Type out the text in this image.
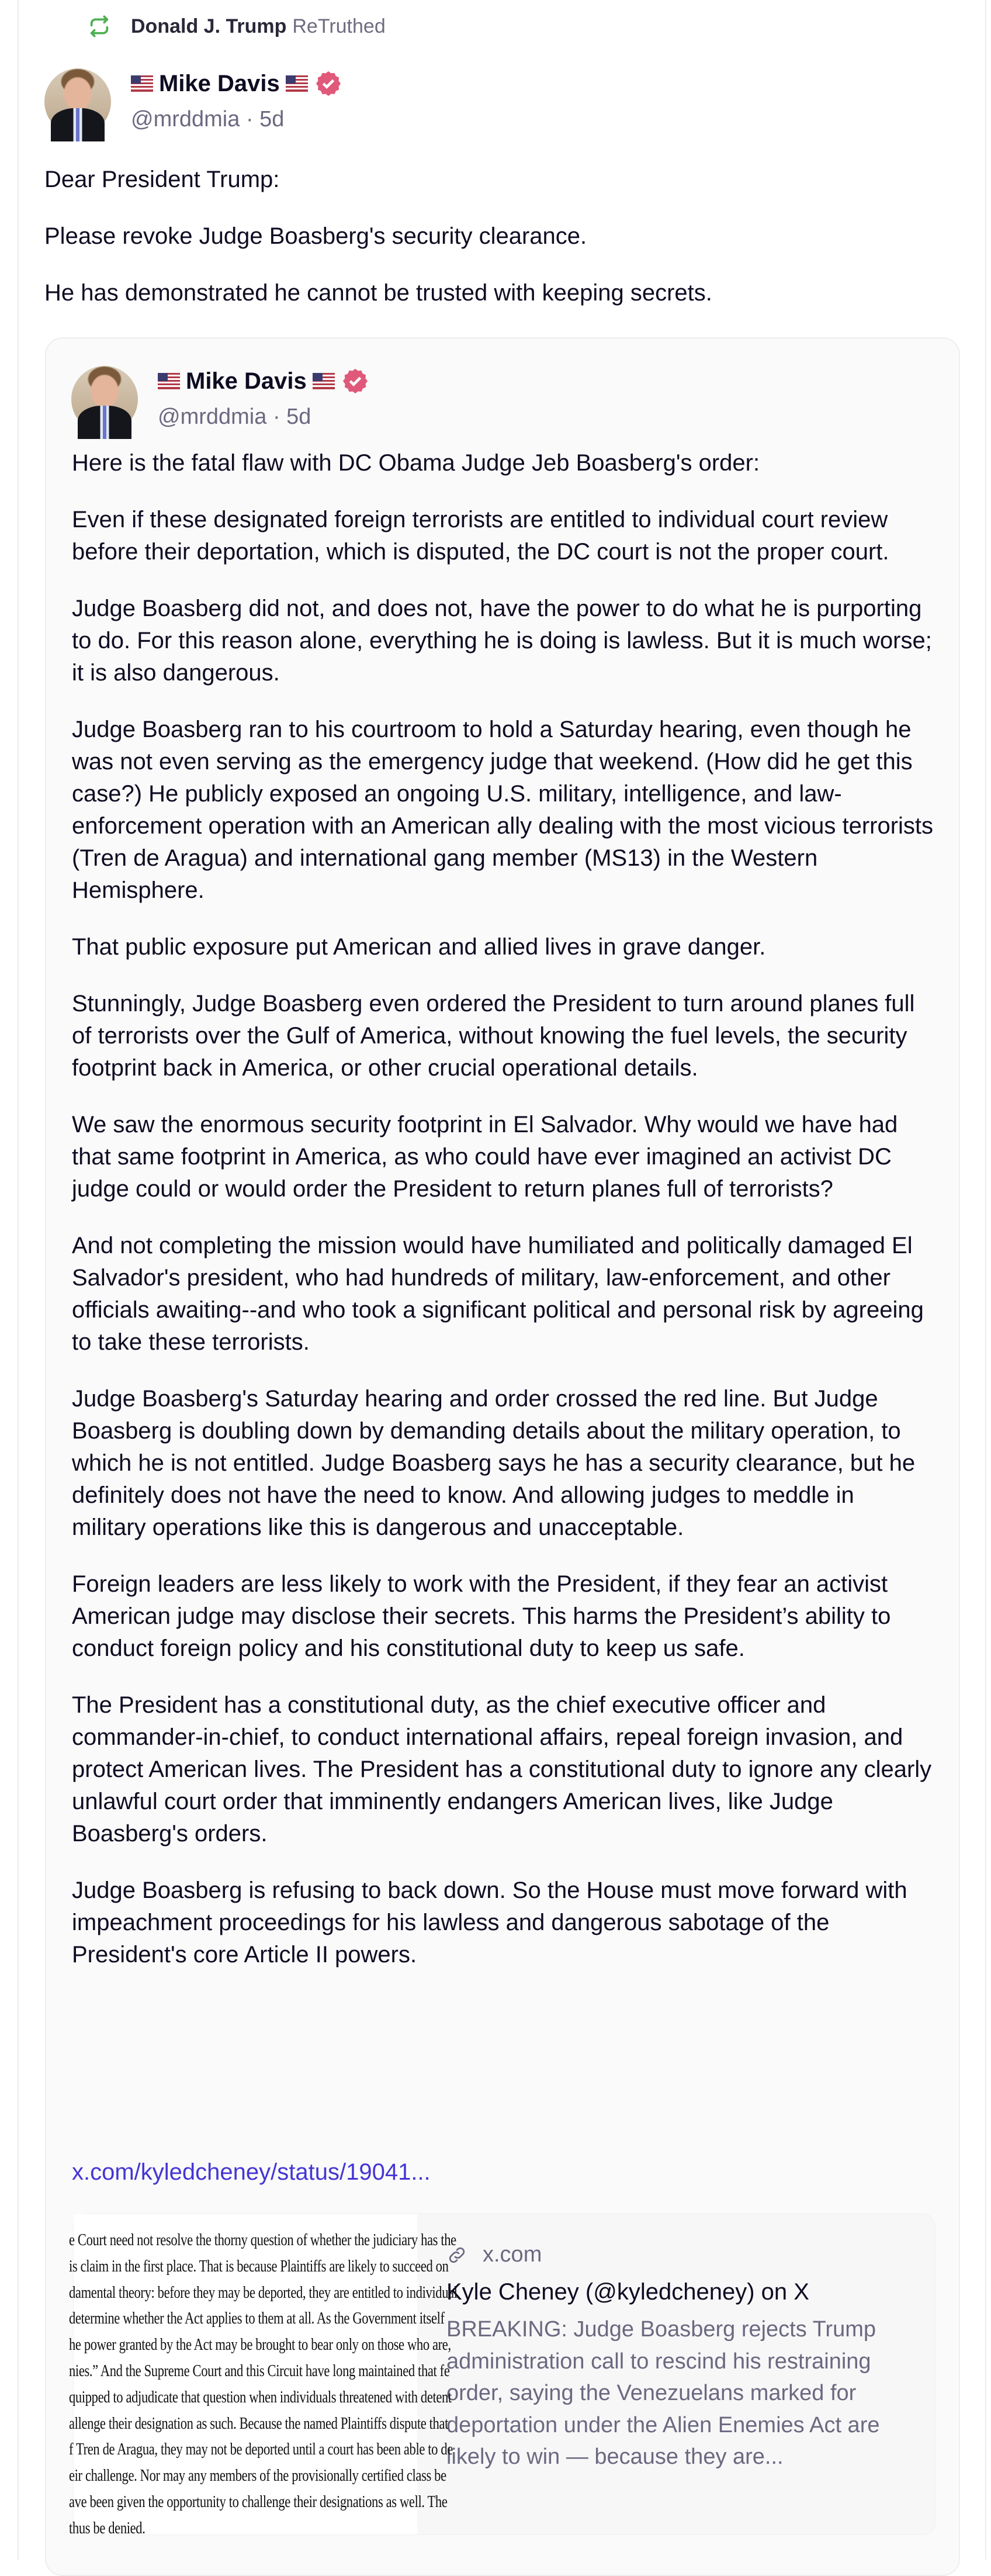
Donald J. Trump ReTruthed
Mike Davis
@mrddmia · 5d

Dear President Trump:

Please revoke Judge Boasberg's security clearance.

He has demonstrated he cannot be trusted with keeping secrets.

Mike Davis
@mrddmia · 5d

Here is the fatal flaw with DC Obama Judge Jeb Boasberg's order:

Even if these designated foreign terrorists are entitled to individual court review before their deportation, which is disputed, the DC court is not the proper court.

Judge Boasberg did not, and does not, have the power to do what he is purporting to do. For this reason alone, everything he is doing is lawless. But it is much worse; it is also dangerous.

Judge Boasberg ran to his courtroom to hold a Saturday hearing, even though he was not even serving as the emergency judge that weekend. (How did he get this case?) He publicly exposed an ongoing U.S. military, intelligence, and law-enforcement operation with an American ally dealing with the most vicious terrorists (Tren de Aragua) and international gang member (MS13) in the Western Hemisphere.

That public exposure put American and allied lives in grave danger.

Stunningly, Judge Boasberg even ordered the President to turn around planes full of terrorists over the Gulf of America, without knowing the fuel levels, the security footprint back in America, or other crucial operational details.

We saw the enormous security footprint in El Salvador. Why would we have had that same footprint in America, as who could have ever imagined an activist DC judge could or would order the President to return planes full of terrorists?

And not completing the mission would have humiliated and politically damaged El Salvador's president, who had hundreds of military, law-enforcement, and other officials awaiting--and who took a significant political and personal risk by agreeing to take these terrorists.

Judge Boasberg's Saturday hearing and order crossed the red line. But Judge Boasberg is doubling down by demanding details about the military operation, to which he is not entitled. Judge Boasberg says he has a security clearance, but he definitely does not have the need to know. And allowing judges to meddle in military operations like this is dangerous and unacceptable.

Foreign leaders are less likely to work with the President, if they fear an activist American judge may disclose their secrets. This harms the President’s ability to conduct foreign policy and his constitutional duty to keep us safe.

The President has a constitutional duty, as the chief executive officer and commander-in-chief, to conduct international affairs, repeal foreign invasion, and protect American lives. The President has a constitutional duty to ignore any clearly unlawful court order that imminently endangers American lives, like Judge Boasberg's orders.

Judge Boasberg is refusing to back down. So the House must move forward with impeachment proceedings for his lawless and dangerous sabotage of the President's core Article II powers.

x.com/kyledcheney/status/19041...
e Court need not resolve the thorny question of whether the judiciary has the
is claim in the first place. That is because Plaintiffs are likely to succeed on
damental theory: before they may be deported, they are entitled to individual
determine whether the Act applies to them at all. As the Government itself
he power granted by the Act may be brought to bear only on those who are,
nies.” And the Supreme Court and this Circuit have long maintained that fe
quipped to adjudicate that question when individuals threatened with detent
allenge their designation as such. Because the named Plaintiffs dispute that
f Tren de Aragua, they may not be deported until a court has been able to de
eir challenge. Nor may any members of the provisionally certified class be
ave been given the opportunity to challenge their designations as well. The
thus be denied.
x.com
Kyle Cheney (@kyledcheney) on X
BREAKING: Judge Boasberg rejects Trump administration call to rescind his restraining order, saying the Venezuelans marked for deportation under the Alien Enemies Act are likely to win — because they are...
